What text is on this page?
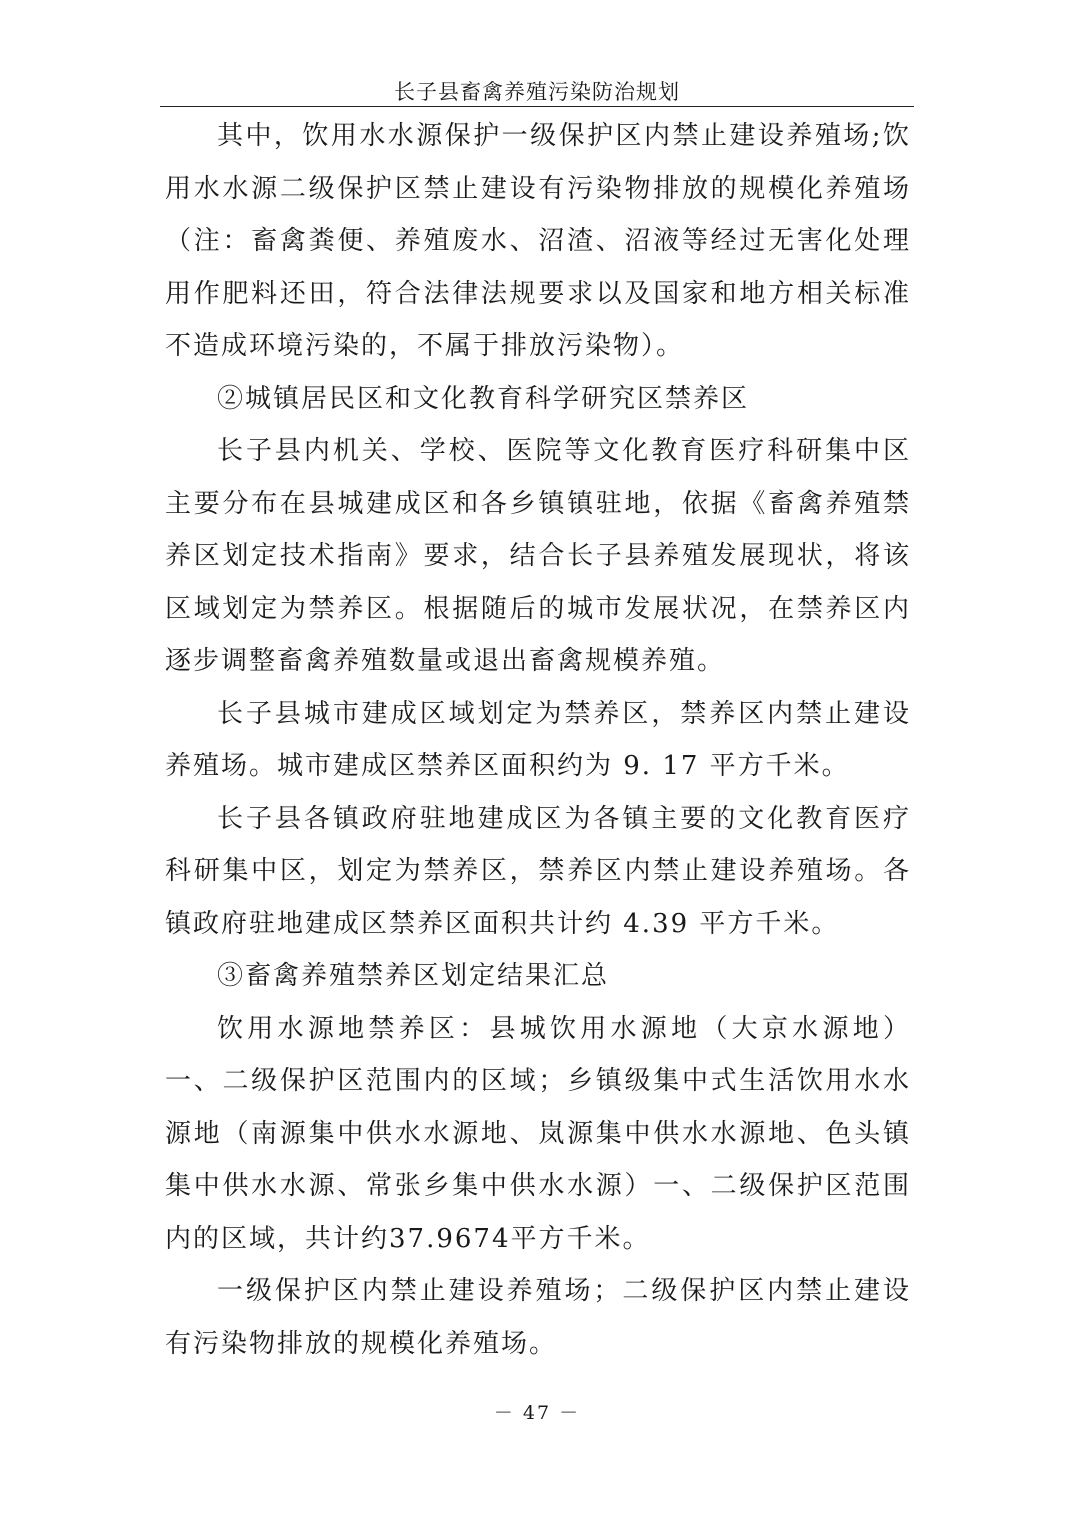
长子县畜禽养殖污染防治规划

其中，饮用水水源保护一级保护区内禁止建设养殖场;饮用水水源二级保护区禁止建设有污染物排放的规模化养殖场（注：畜禽粪便、养殖废水、沼渣、沼液等经过无害化处理用作肥料还田，符合法律法规要求以及国家和地方相关标准不造成环境污染的，不属于排放污染物）。

②城镇居民区和文化教育科学研究区禁养区

长子县内机关、学校、医院等文化教育医疗科研集中区主要分布在县城建成区和各乡镇镇驻地，依据《畜禽养殖禁养区划定技术指南》要求，结合长子县养殖发展现状，将该区域划定为禁养区。根据随后的城市发展状况，在禁养区内逐步调整畜禽养殖数量或退出畜禽规模养殖。

长子县城市建成区域划定为禁养区，禁养区内禁止建设养殖场。城市建成区禁养区面积约为 9. 17 平方千米。

长子县各镇政府驻地建成区为各镇主要的文化教育医疗科研集中区，划定为禁养区，禁养区内禁止建设养殖场。各镇政府驻地建成区禁养区面积共计约 4.39 平方千米。

③畜禽养殖禁养区划定结果汇总

饮用水源地禁养区：县城饮用水源地（大京水源地）一、二级保护区范围内的区域；乡镇级集中式生活饮用水水源地（南源集中供水水源地、岚源集中供水水源地、色头镇集中供水水源、常张乡集中供水水源）一、二级保护区范围内的区域，共计约37.9674平方千米。

一级保护区内禁止建设养殖场；二级保护区内禁止建设有污染物排放的规模化养殖场。

－ 47 －
